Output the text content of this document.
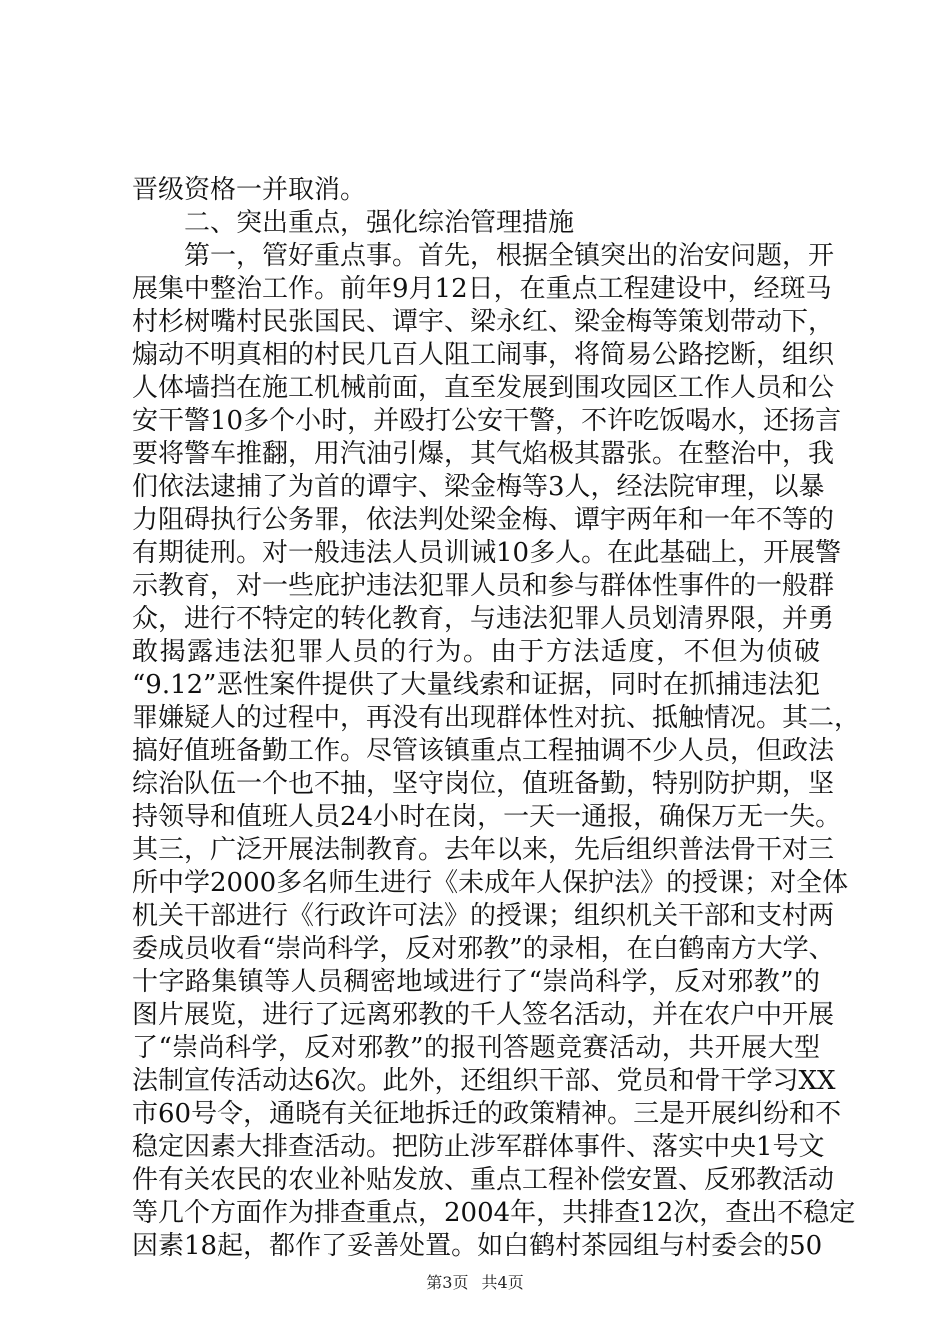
晋级资格一并取消。
二、突出重点，强化综治管理措施
第一，管好重点事。首先，根据全镇突出的治安问题，开
展集中整治工作。前年9月12日，在重点工程建设中，经斑马
村杉树嘴村民张国民、谭宇、梁永红、梁金梅等策划带动下，
煽动不明真相的村民几百人阻工闹事，将简易公路挖断，组织
人体墙挡在施工机械前面，直至发展到围攻园区工作人员和公
安干警10多个小时，并殴打公安干警，不许吃饭喝水，还扬言
要将警车推翻，用汽油引爆，其气焰极其嚣张。在整治中，我
们依法逮捕了为首的谭宇、梁金梅等3人，经法院审理，以暴
力阻碍执行公务罪，依法判处梁金梅、谭宇两年和一年不等的
有期徒刑。对一般违法人员训诫10多人。在此基础上，开展警
示教育，对一些庇护违法犯罪人员和参与群体性事件的一般群
众，进行不特定的转化教育，与违法犯罪人员划清界限，并勇
敢揭露违法犯罪人员的行为。由于方法适度，不但为侦破
“9.12”恶性案件提供了大量线索和证据，同时在抓捕违法犯
罪嫌疑人的过程中，再没有出现群体性对抗、抵触情况。其二，
搞好值班备勤工作。尽管该镇重点工程抽调不少人员，但政法
综治队伍一个也不抽，坚守岗位，值班备勤，特别防护期，坚
持领导和值班人员24小时在岗，一天一通报，确保万无一失。
其三，广泛开展法制教育。去年以来，先后组织普法骨干对三
所中学2000多名师生进行《未成年人保护法》的授课；对全体
机关干部进行《行政许可法》的授课；组织机关干部和支村两
委成员收看“崇尚科学，反对邪教”的录相，在白鹤南方大学、
十字路集镇等人员稠密地域进行了“崇尚科学，反对邪教”的
图片展览，进行了远离邪教的千人签名活动，并在农户中开展
了“崇尚科学，反对邪教”的报刊答题竞赛活动，共开展大型
法制宣传活动达6次。此外，还组织干部、党员和骨干学习XX
市60号令，通晓有关征地拆迁的政策精神。三是开展纠纷和不
稳定因素大排查活动。把防止涉军群体事件、落实中央1号文
件有关农民的农业补贴发放、重点工程补偿安置、反邪教活动
等几个方面作为排查重点，2004年，共排查12次，查出不稳定
因素18起，都作了妥善处置。如白鹤村茶园组与村委会的50
第3页 共4页
